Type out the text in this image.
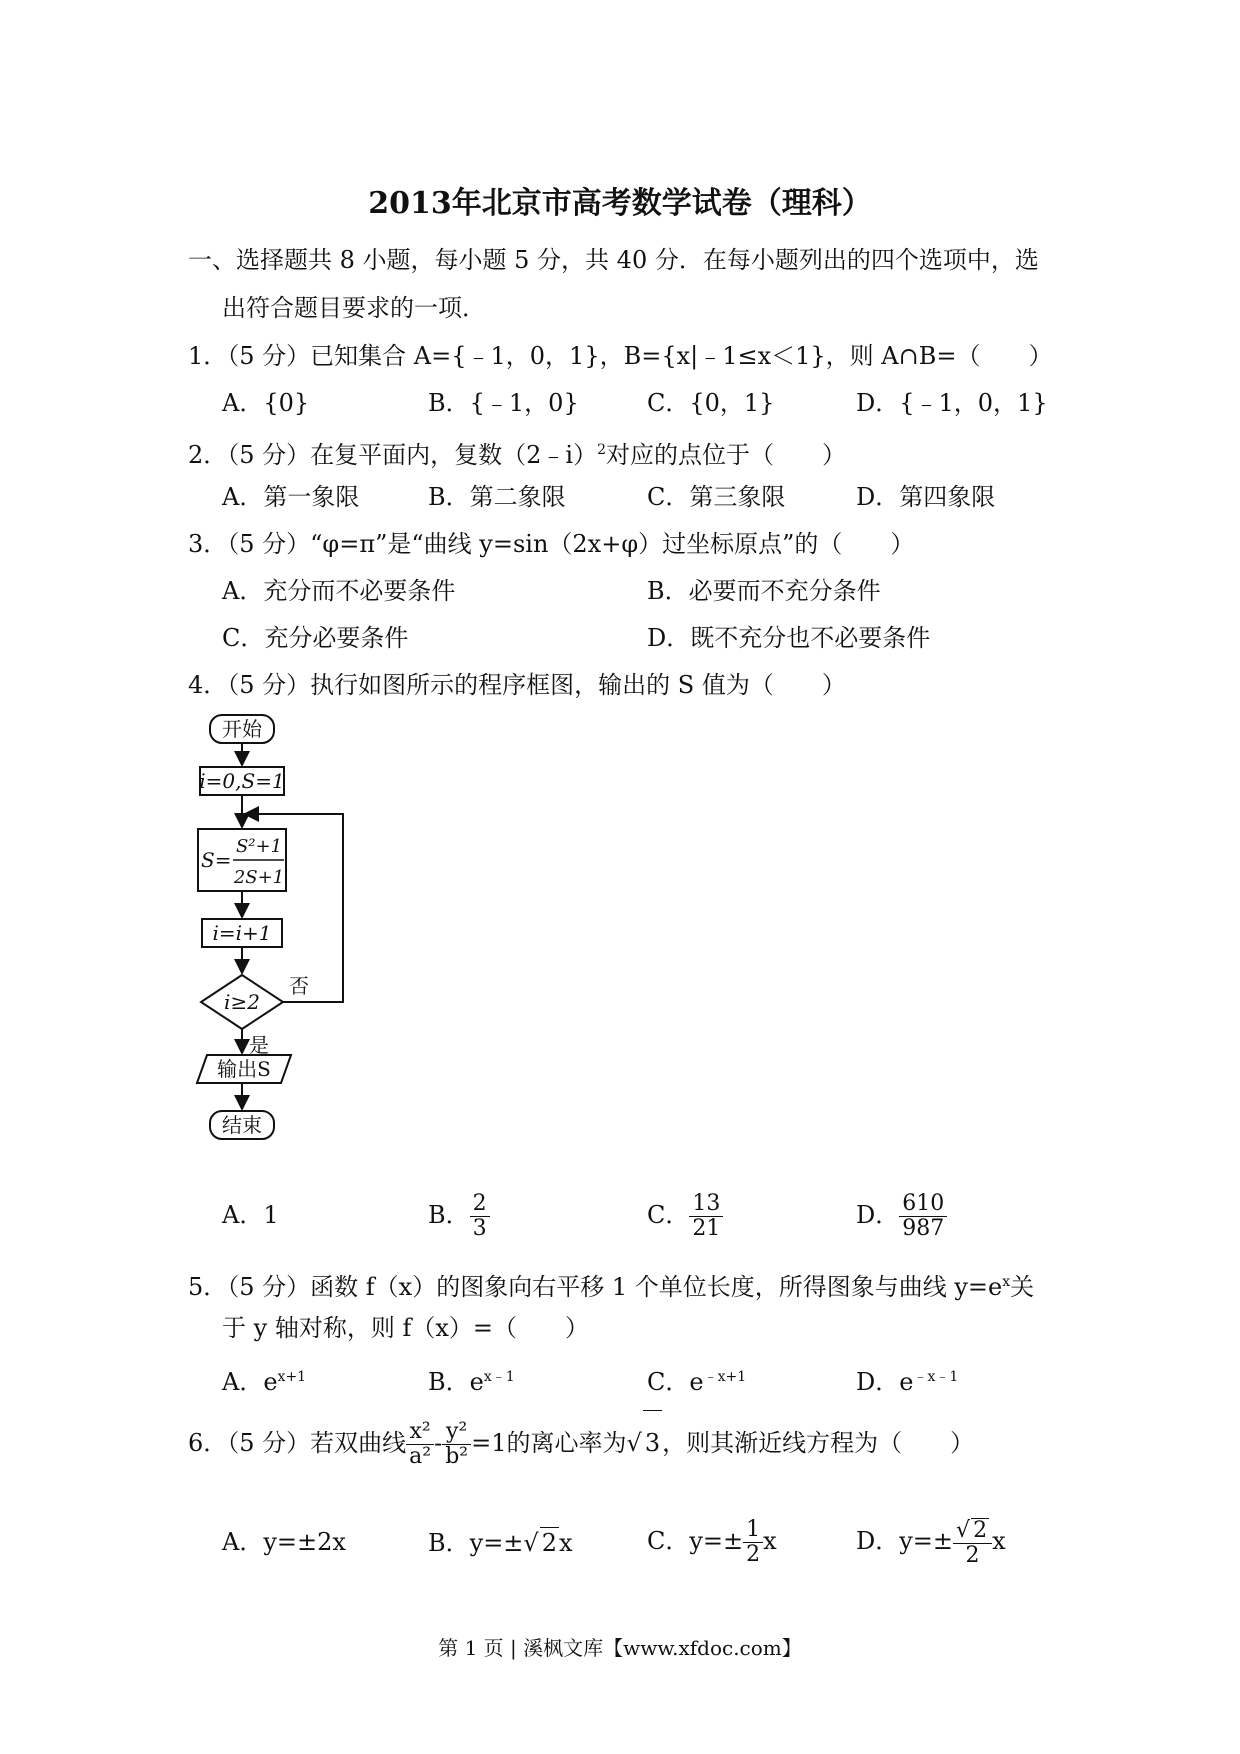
2013年北京市高考数学试卷（理科）
一、选择题共 8 小题，每小题 5 分，共 40 分．在每小题列出的四个选项中，选
出符合题目要求的一项．
1．（5 分）已知集合 A={﹣1，0，1}，B={x|﹣1≤x＜1}，则 A∩B=（　　）
A．{0}	B．{﹣1，0}	C．{0，1}	D．{﹣1，0，1}
2．（5 分）在复平面内，复数（2﹣i）$^2$对应的点位于（　　）
A．第一象限	B．第二象限	C．第三象限	D．第四象限
3．（5 分）“φ=π”是“曲线 y=sin（2x+φ）过坐标原点”的（　　）
A．充分而不必要条件	B．必要而不充分条件
C．充分必要条件	D．既不充分也不必要条件
4．（5 分）执行如图所示的程序框图，输出的 S 值为（　　）
开始
i=0,S=1
S=
S²+1
2S+1
i=i+1
i≥2
否
是
输出S
结束
A．1	B． $\frac{2}{3}$	C． $\frac{13}{21}$	D． $\frac{610}{987}$
5．（5 分）函数 f（x）的图象向右平移 1 个单位长度，所得图象与曲线 $y=e^x$关
于 y 轴对称，则 f（x）=（　　）
A．$e^{x+1}$	B．$e^{x﹣1}$	C．$e^{﹣x+1}$	D．$e^{﹣x﹣1}$
6．（5 分）若双曲线 $\frac{\text{x²}}{\text{a²}} - \frac{\text{y²}}{\text{b²}} =1$的离心率为√ 3，则其渐近线方程为（　　）
A．y=±2x	B．y=±√ 2x	C．$y=\pm \frac{1}{2}$ x	D．$y=\pm \frac{√ 2}{2}$ x
第 1 页 | 溪枫文库【www.xfdoc.com】
